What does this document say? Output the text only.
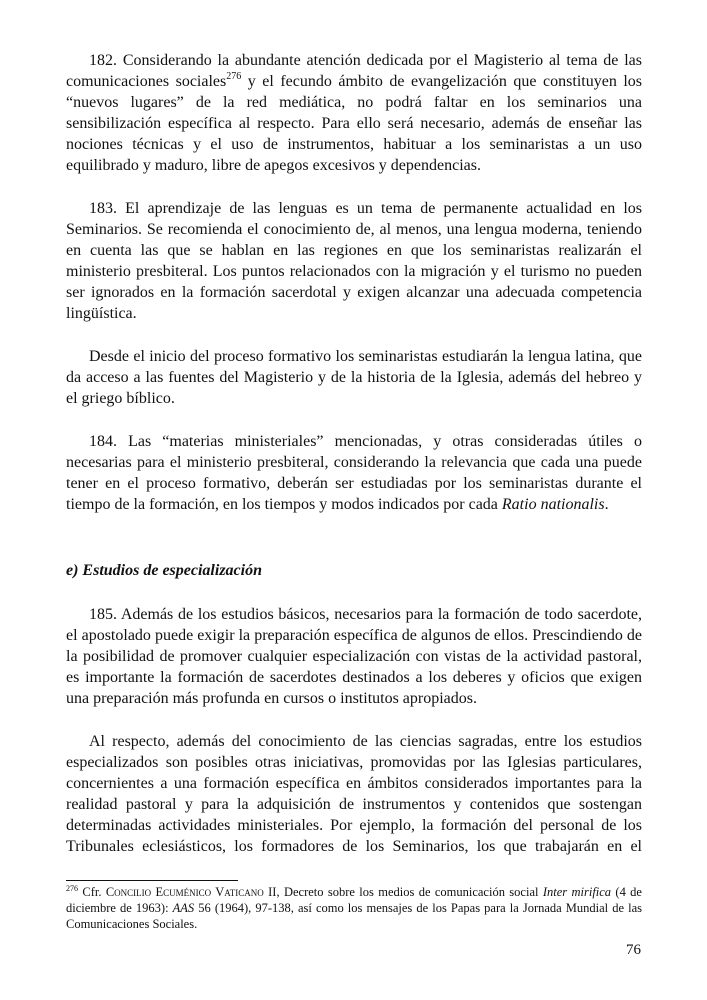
182. Considerando la abundante atención dedicada por el Magisterio al tema de las comunicaciones sociales$^{276}$ y el fecundo ámbito de evangelización que constituyen los “nuevos lugares” de la red mediática, no podrá faltar en los seminarios una sensibilización específica al respecto. Para ello será necesario, además de enseñar las nociones técnicas y el uso de instrumentos, habituar a los seminaristas a un uso equilibrado y maduro, libre de apegos excesivos y dependencias.

183. El aprendizaje de las lenguas es un tema de permanente actualidad en los Seminarios. Se recomienda el conocimiento de, al menos, una lengua moderna, teniendo en cuenta las que se hablan en las regiones en que los seminaristas realizarán el ministerio presbiteral. Los puntos relacionados con la migración y el turismo no pueden ser ignorados en la formación sacerdotal y exigen alcanzar una adecuada competencia lingüística.

Desde el inicio del proceso formativo los seminaristas estudiarán la lengua latina, que da acceso a las fuentes del Magisterio y de la historia de la Iglesia, además del hebreo y el griego bíblico.

184. Las “materias ministeriales” mencionadas, y otras consideradas útiles o necesarias para el ministerio presbiteral, considerando la relevancia que cada una puede tener en el proceso formativo, deberán ser estudiadas por los seminaristas durante el tiempo de la formación, en los tiempos y modos indicados por cada Ratio nationalis.

e) Estudios de especialización

185. Además de los estudios básicos, necesarios para la formación de todo sacerdote, el apostolado puede exigir la preparación específica de algunos de ellos. Prescindiendo de la posibilidad de promover cualquier especialización con vistas de la actividad pastoral, es importante la formación de sacerdotes destinados a los deberes y oficios que exigen una preparación más profunda en cursos o institutos apropiados.

Al respecto, además del conocimiento de las ciencias sagradas, entre los estudios especializados son posibles otras iniciativas, promovidas por las Iglesias particulares, concernientes a una formación específica en ámbitos considerados importantes para la realidad pastoral y para la adquisición de instrumentos y contenidos que sostengan determinadas actividades ministeriales. Por ejemplo, la formación del personal de los Tribunales eclesiásticos, los formadores de los Seminarios, los que trabajarán en el

$^{276}$ Cfr. Concilio Ecuménico Vaticano II, Decreto sobre los medios de comunicación social Inter mirifica (4 de diciembre de 1963): AAS 56 (1964), 97-138, así como los mensajes de los Papas para la Jornada Mundial de las Comunicaciones Sociales.
76
